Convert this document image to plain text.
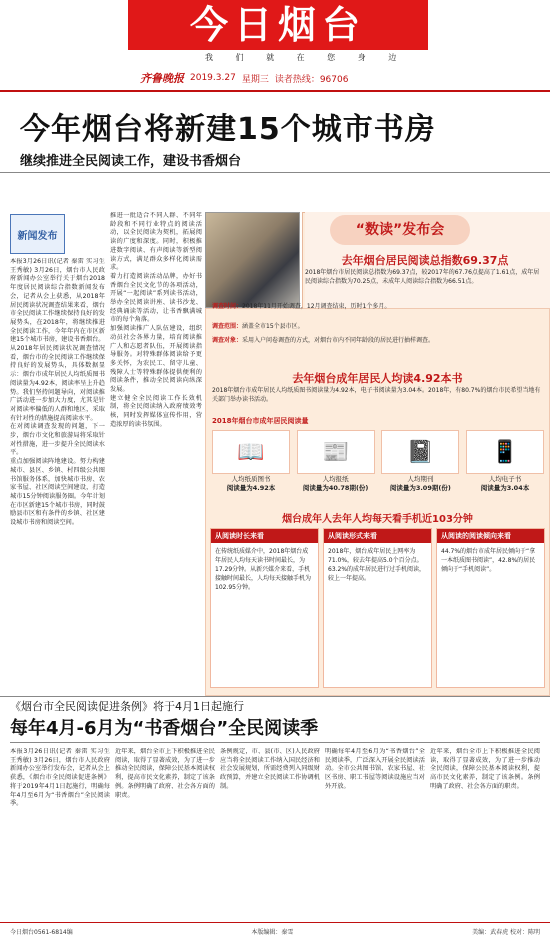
今日烟台
我 们 就 在 您 身 边
齐鲁晚报 2019.3.27 星期三 读者热线：96706
今年烟台将新建15个城市书房
继续推进全民阅读工作，建设书香烟台
新闻发布
本报3月26日讯(记者 秦雷 实习生 王秀敏) 3月26日，烟台市人民政府新闻办公室举行关于烟台2018年度居民阅读综合指数新闻发布会，记者从会上获悉，从2018年居民阅读状况调查结果来看，烟台市全民阅读工作继续保持良好的发展势头，在2018年，将继续推进全民阅读工作，今年年内在市区新建15个城市书房，建设书香烟台。
从2018年居民阅读状况调查情况看，烟台市的全民阅读工作继续保持良好的发展势头，具体数据显示：烟台市成年居民人均纸质图书阅读量为4.92本，阅读率呈上升趋势。我们坚持问题导向，对阅读推广活动进一步加大力度，尤其是针对阅读率偏低的人群和地区，采取有针对性的措施提高阅读水平。
在对阅读调查发现的问题，下一步，烟台市文化和旅游局将采取针对性措施，进一步提升全民阅读水平。
重点加强阅读阵地建设。努力构建城市、县区、乡镇、村四级公共图书馆服务体系，加快城市书房、农家书屋、社区阅读空间建设，打造城市15分钟阅读服务圈。今年计划在市区新建15个城市书房，同时鼓励县市区和有条件的乡镇、社区建设城市书房和阅读空间。
推进一批适合不同人群、不同年龄段和不同行业特点的阅读活动，以全民阅读为契机，拓展阅读的广度和深度。同时，积极推进数字阅读、有声阅读等新型阅读方式，满足群众多样化阅读需求。
着力打造阅读活动品牌，办好书香烟台全民文化节的各项活动，开展“一起阅读”系列读书活动，举办全民阅读讲座、读书沙龙、经典诵读等活动，让书香飘满城市的每个角落。
加强阅读推广人队伍建设，组织动员社会各界力量，培育阅读推广人和志愿者队伍，开展阅读指导服务。对特殊群体阅读给予更多关怀，为农民工、留守儿童、残障人士等特殊群体提供便利的阅读条件，推动全民阅读向纵深发展。
建立健全全民阅读工作长效机制，将全民阅读纳入政府绩效考核，同时发挥媒体宣传作用，营造浓厚的读书氛围。
“数读”发布会
去年烟台居民阅读总指数69.37点
2018年烟台市居民阅读总指数为69.37点，较2017年的67.76点提高了1.61点，成年居民阅读综合指数为70.25点，未成年人阅读综合指数为66.51点。
调查时间：2018年11月开始调查，12月调查结束，历时1个多月。
调查范围：涵盖全市15个县市区。
调查对象：采用入户问卷调查的方式，对烟台市内不同年龄段的居民进行抽样调查。
去年烟台成年居民人均读4.92本书
2018年烟台市成年居民人均纸质图书阅读量为4.92本，电子书阅读量为3.04本。2018年，有80.7%的烟台市民希望当地有关部门举办读书活动。
2018年烟台市成年居民阅读量
📖
人均纸质图书
阅读量为4.92本
📰
人均报纸
阅读量为40.78期(份)
📓
人均期刊
阅读量为3.09期(份)
📱
人均电子书
阅读量为3.04本
烟台成年人去年人均每天看手机近103分钟
从阅读时长来看
在传统纸质媒介中，2018年烟台成年居民人均每天读书时间最长，为17.29分钟。从新兴媒介来看，手机接触时间最长，人均每天接触手机为102.95分钟。
从阅读形式来看
2018年，烟台成年居民上网率为71.0%，较去年提高5.0个百分点。63.2%的成年居民进行过手机阅读，较上一年提高。
从阅读的阅读倾向来看
44.7%的烟台市成年居民倾向于“拿一本纸质图书阅读”，42.8%的居民倾向于“手机阅读”。
《烟台市全民阅读促进条例》将于4月1日起施行
每年4月-6月为“书香烟台”全民阅读季
本报3月26日讯(记者 秦雷 实习生 王秀敏) 3月26日，烟台市人民政府新闻办公室举行发布会，记者从会上获悉，《烟台市全民阅读促进条例》将于2019年4月1日起施行，明确每年4月至6月为“书香烟台”全民阅读季。
近年来，烟台全市上下积极推进全民阅读，取得了显著成效，为了进一步推动全民阅读，保障公民基本阅读权利，提高市民文化素养，制定了该条例。条例明确了政府、社会各方面的职责。
条例规定，市、县(市、区)人民政府应当将全民阅读工作纳入国民经济和社会发展规划，所需经费列入同级财政预算，并建立全民阅读工作协调机制。
明确每年4月至6月为“书香烟台”全民阅读季，广泛深入开展全民阅读活动。全市公共图书馆、农家书屋、社区书房、职工书屋等阅读设施应当对外开放。
近年来，烟台全市上下积极推进全民阅读，取得了显著成效，为了进一步推动全民阅读，保障公民基本阅读权利，提高市民文化素养，制定了该条例。条例明确了政府、社会各方面的职责。
今日烟台0561-6814编	本版编辑：秦雪	美编：武春虎 校对：陈明
